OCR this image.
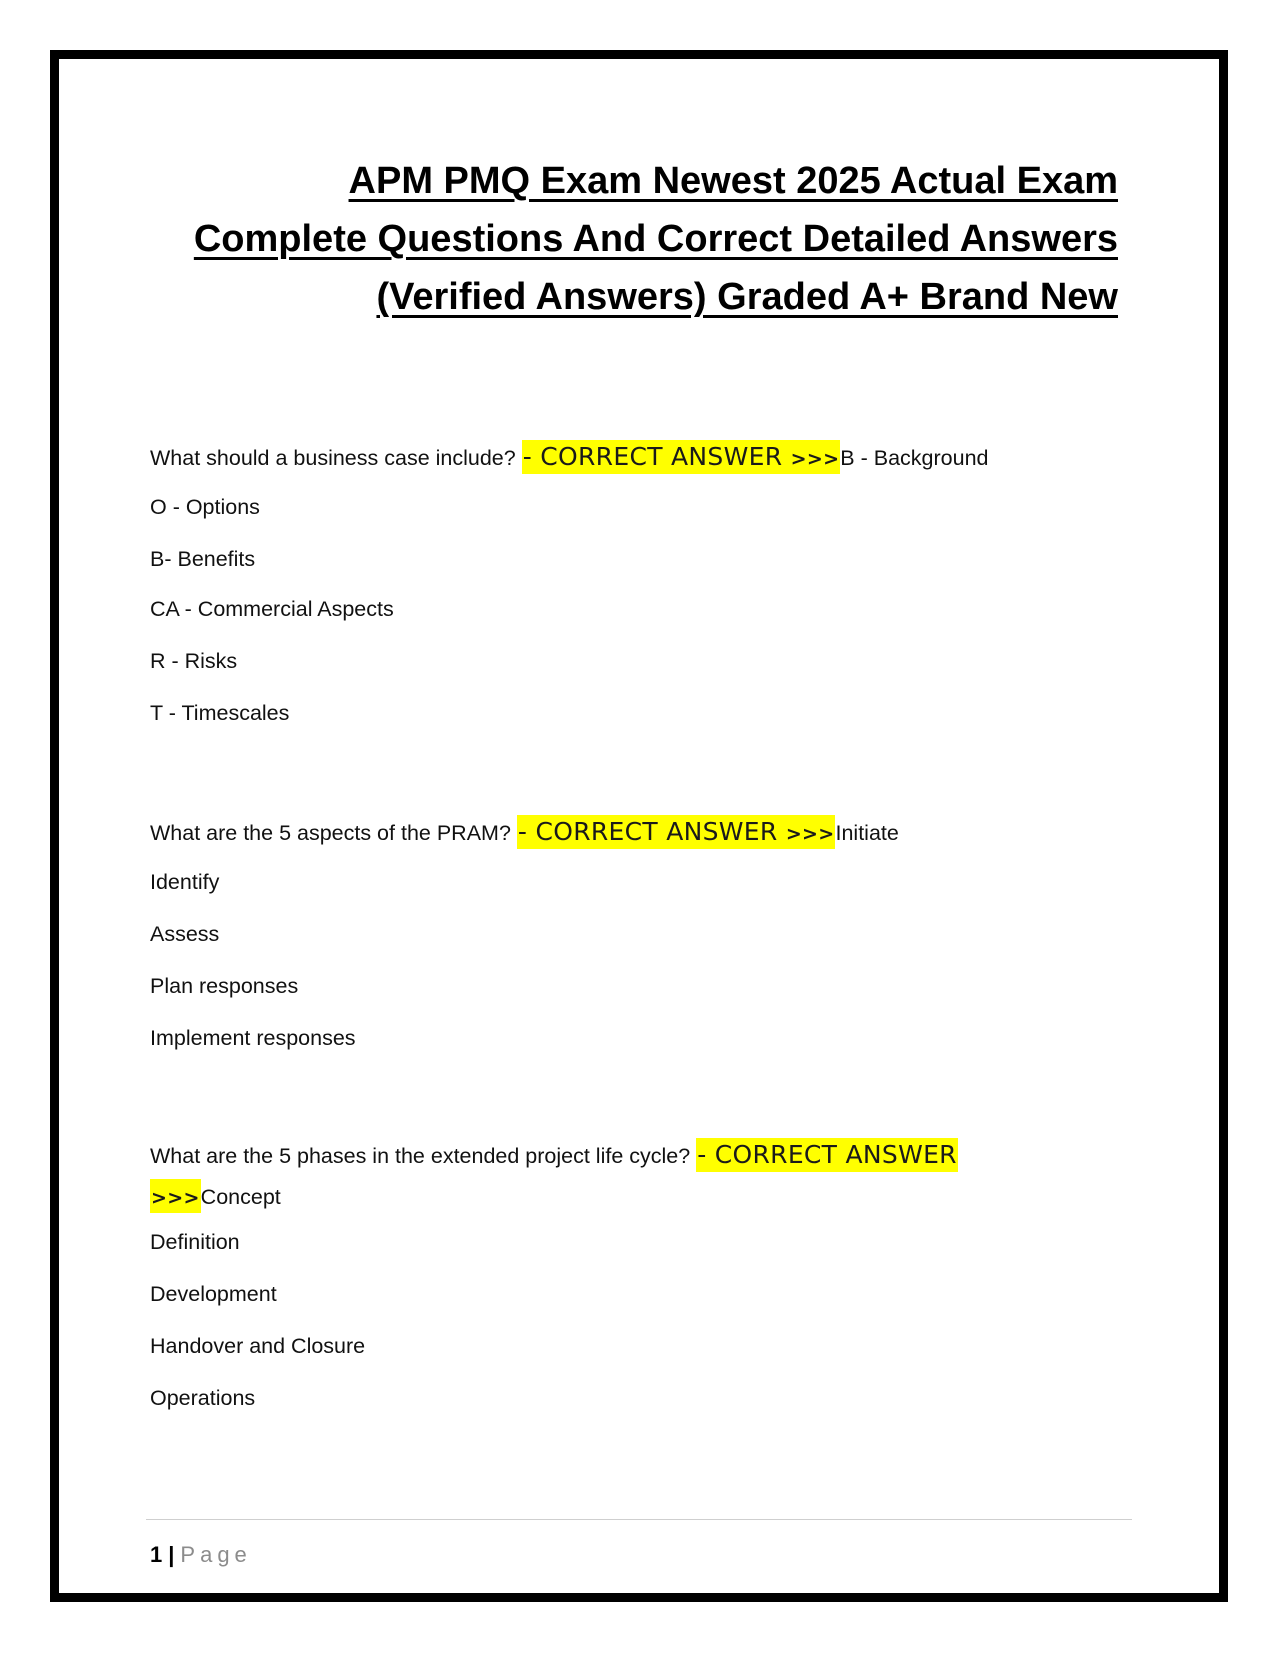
APM PMQ Exam Newest 2025 Actual Exam
Complete Questions And Correct Detailed Answers
(Verified Answers) Graded A+ Brand New
What should a business case include? - CORRECT ANSWER >>>B - Background
O - Options
B- Benefits
CA - Commercial Aspects
R - Risks
T - Timescales
What are the 5 aspects of the PRAM? - CORRECT ANSWER >>>Initiate
Identify
Assess
Plan responses
Implement responses
What are the 5 phases in the extended project life cycle? - CORRECT ANSWER
>>>Concept
Definition
Development
Handover and Closure
Operations
1 | Page
